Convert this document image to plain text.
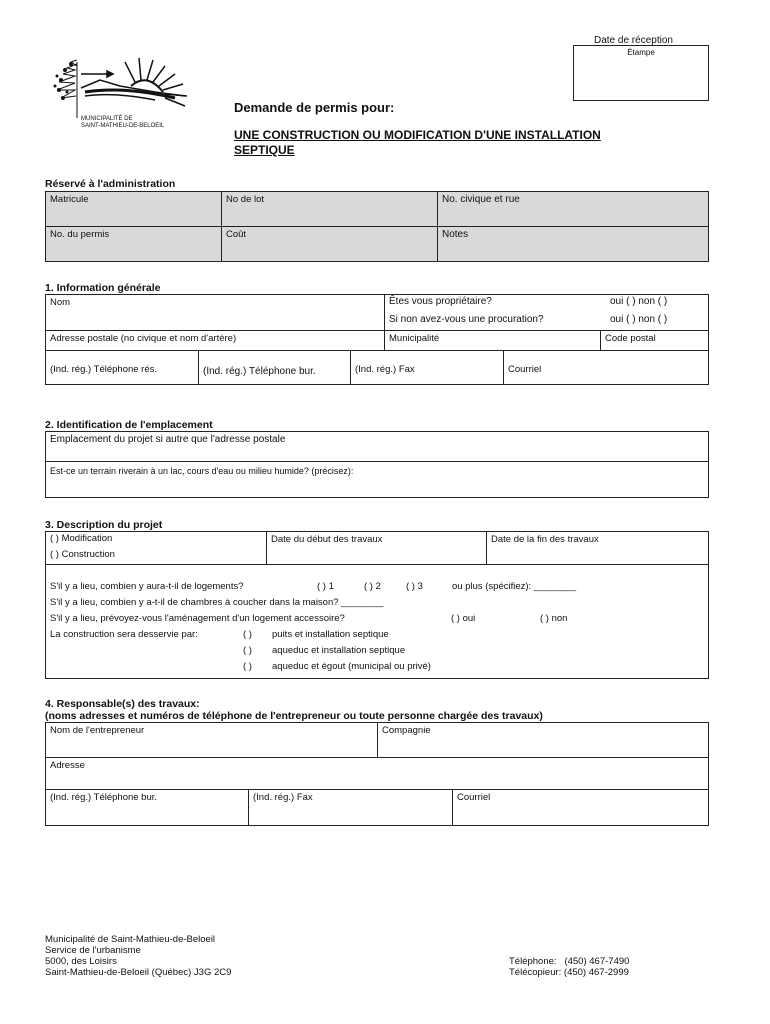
Date de réception
Étampe
MUNICIPALITÉ DE
SAINT-MATHIEU-DE-BELOEIL
Demande de permis pour:
UNE CONSTRUCTION OU MODIFICATION D'UNE INSTALLATION
SEPTIQUE
Réservé à l'administration
Matricule	No de lot	No. civique et rue
No. du permis	Coût	Notes
1. Information générale
Nom	Êtes vous propriétaire?	oui ( ) non ( )
Si non avez-vous une procuration?	oui ( ) non ( )
Adresse postale (no civique et nom d'artère)	Municipalité	Code postal
(Ind. rég.) Téléphone rés.	(Ind. rég.) Téléphone bur.	(Ind. rég.) Fax	Courriel
2. Identification de l'emplacement
Emplacement du projet si autre que l'adresse postale
Est-ce un terrain riverain à un lac, cours d'eau ou milieu humide? (précisez):
3. Description du projet
( ) Modification
( ) Construction
Date du début des travaux	Date de la fin des travaux
S'il y a lieu, combien y aura-t-il de logements?	( ) 1	( ) 2	( ) 3	ou plus (spécifiez): ________
S'il y a lieu, combien y a-t-il de chambres à coucher dans la maison? ________
S'il y a lieu, prévoyez-vous l'aménagement d'un logement accessoire?	( ) oui	( ) non
La construction sera desservie par:	( ) puits et installation septique
( ) aqueduc et installation septique
( ) aqueduc et égout (municipal ou privé)
4. Responsable(s) des travaux:
(noms adresses et numéros de téléphone de l'entrepreneur ou toute personne chargée des travaux)
Nom de l'entrepreneur	Compagnie
Adresse
(Ind. rég.) Téléphone bur.	(Ind. rég.) Fax	Courriel
Municipalité de Saint-Mathieu-de-Beloeil
Service de l'urbanisme
5000, des Loisirs
Saint-Mathieu-de-Beloeil (Québec) J3G 2C9
Téléphone:   (450) 467-7490
Télécopieur: (450) 467-2999
